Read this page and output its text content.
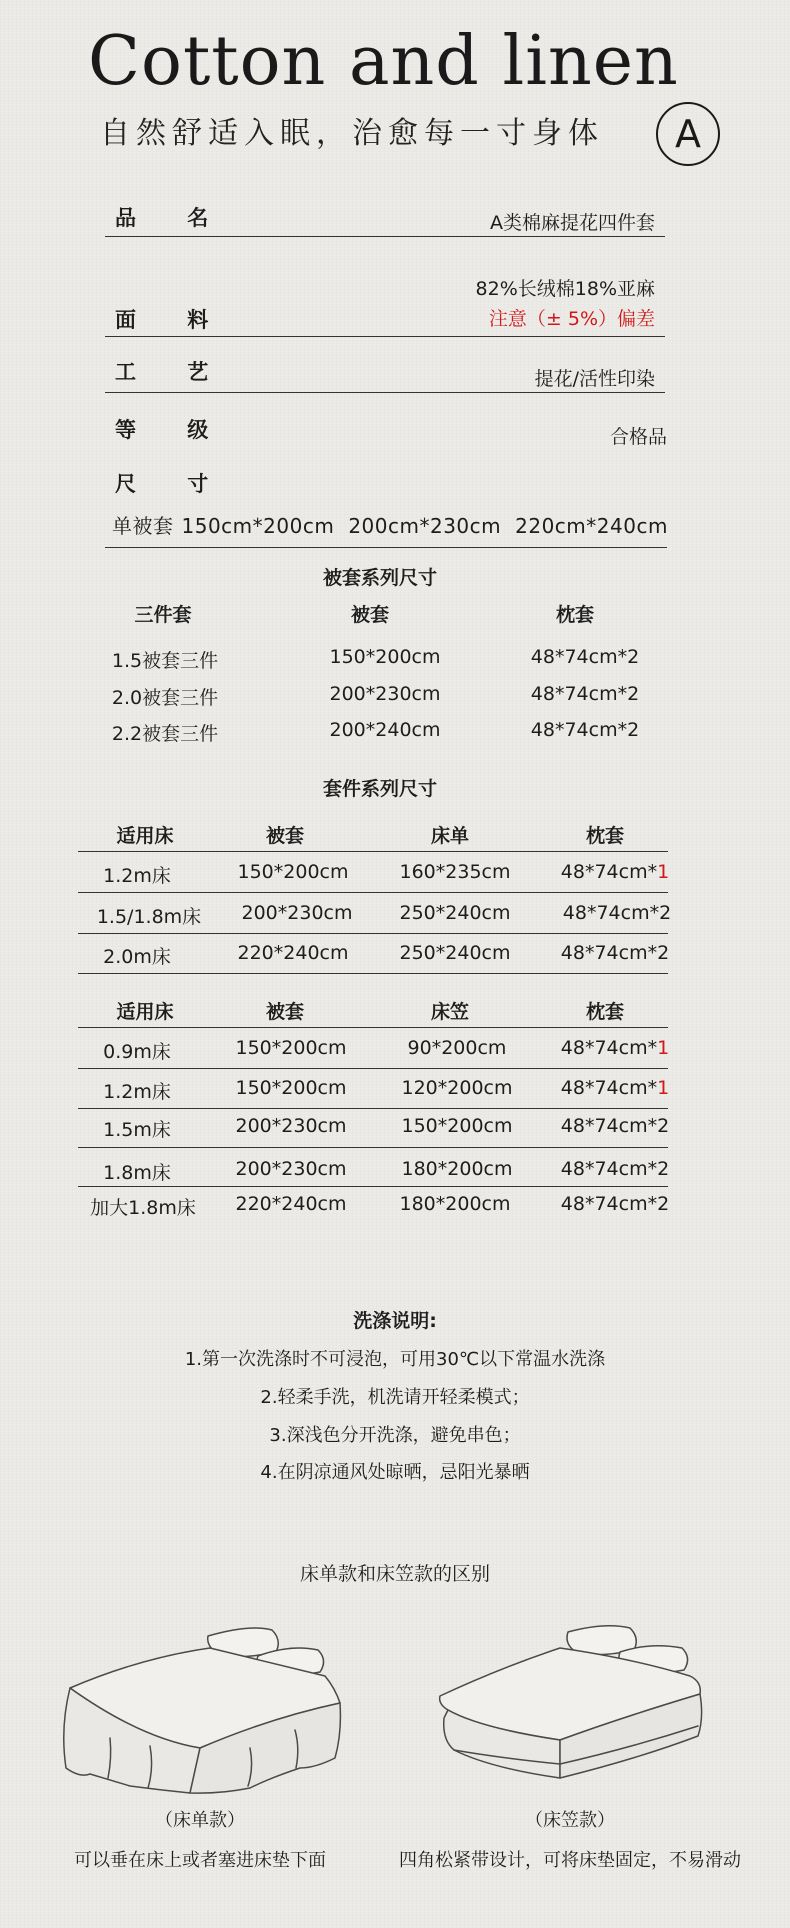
Cotton and linen
自然舒适入眠，治愈每一寸身体	A
品 名	A类棉麻提花四件套
面 料
82%长绒棉18%亚麻
注意（± 5%）偏差
工 艺	提花/活性印染
等 级	合格品
尺 寸
单被套 150cm*200cm 200cm*230cm 220cm*240cm
被套系列尺寸
三件套	被套	枕套
1.5被套三件	150*200cm	48*74cm*2
2.0被套三件	200*230cm	48*74cm*2
2.2被套三件	200*240cm	48*74cm*2
套件系列尺寸
适用床	被套	床单	枕套
1.2m床	150*200cm	160*235cm	48*74cm*1
1.5/1.8m床	200*230cm	250*240cm	48*74cm*2
2.0m床	220*240cm	250*240cm	48*74cm*2
适用床	被套	床笠	枕套
0.9m床	150*200cm	90*200cm	48*74cm*1
1.2m床	150*200cm	120*200cm	48*74cm*1
1.5m床	200*230cm	150*200cm	48*74cm*2
1.8m床	200*230cm	180*200cm	48*74cm*2
加大1.8m床	220*240cm	180*200cm	48*74cm*2
洗涤说明:
1.第一次洗涤时不可浸泡，可用30℃以下常温水洗涤
2.轻柔手洗，机洗请开轻柔模式；
3.深浅色分开洗涤，避免串色；
4.在阴凉通风处晾晒，忌阳光暴晒
床单款和床笠款的区别
（床单款）
可以垂在床上或者塞进床垫下面
（床笠款）
四角松紧带设计，可将床垫固定，不易滑动
